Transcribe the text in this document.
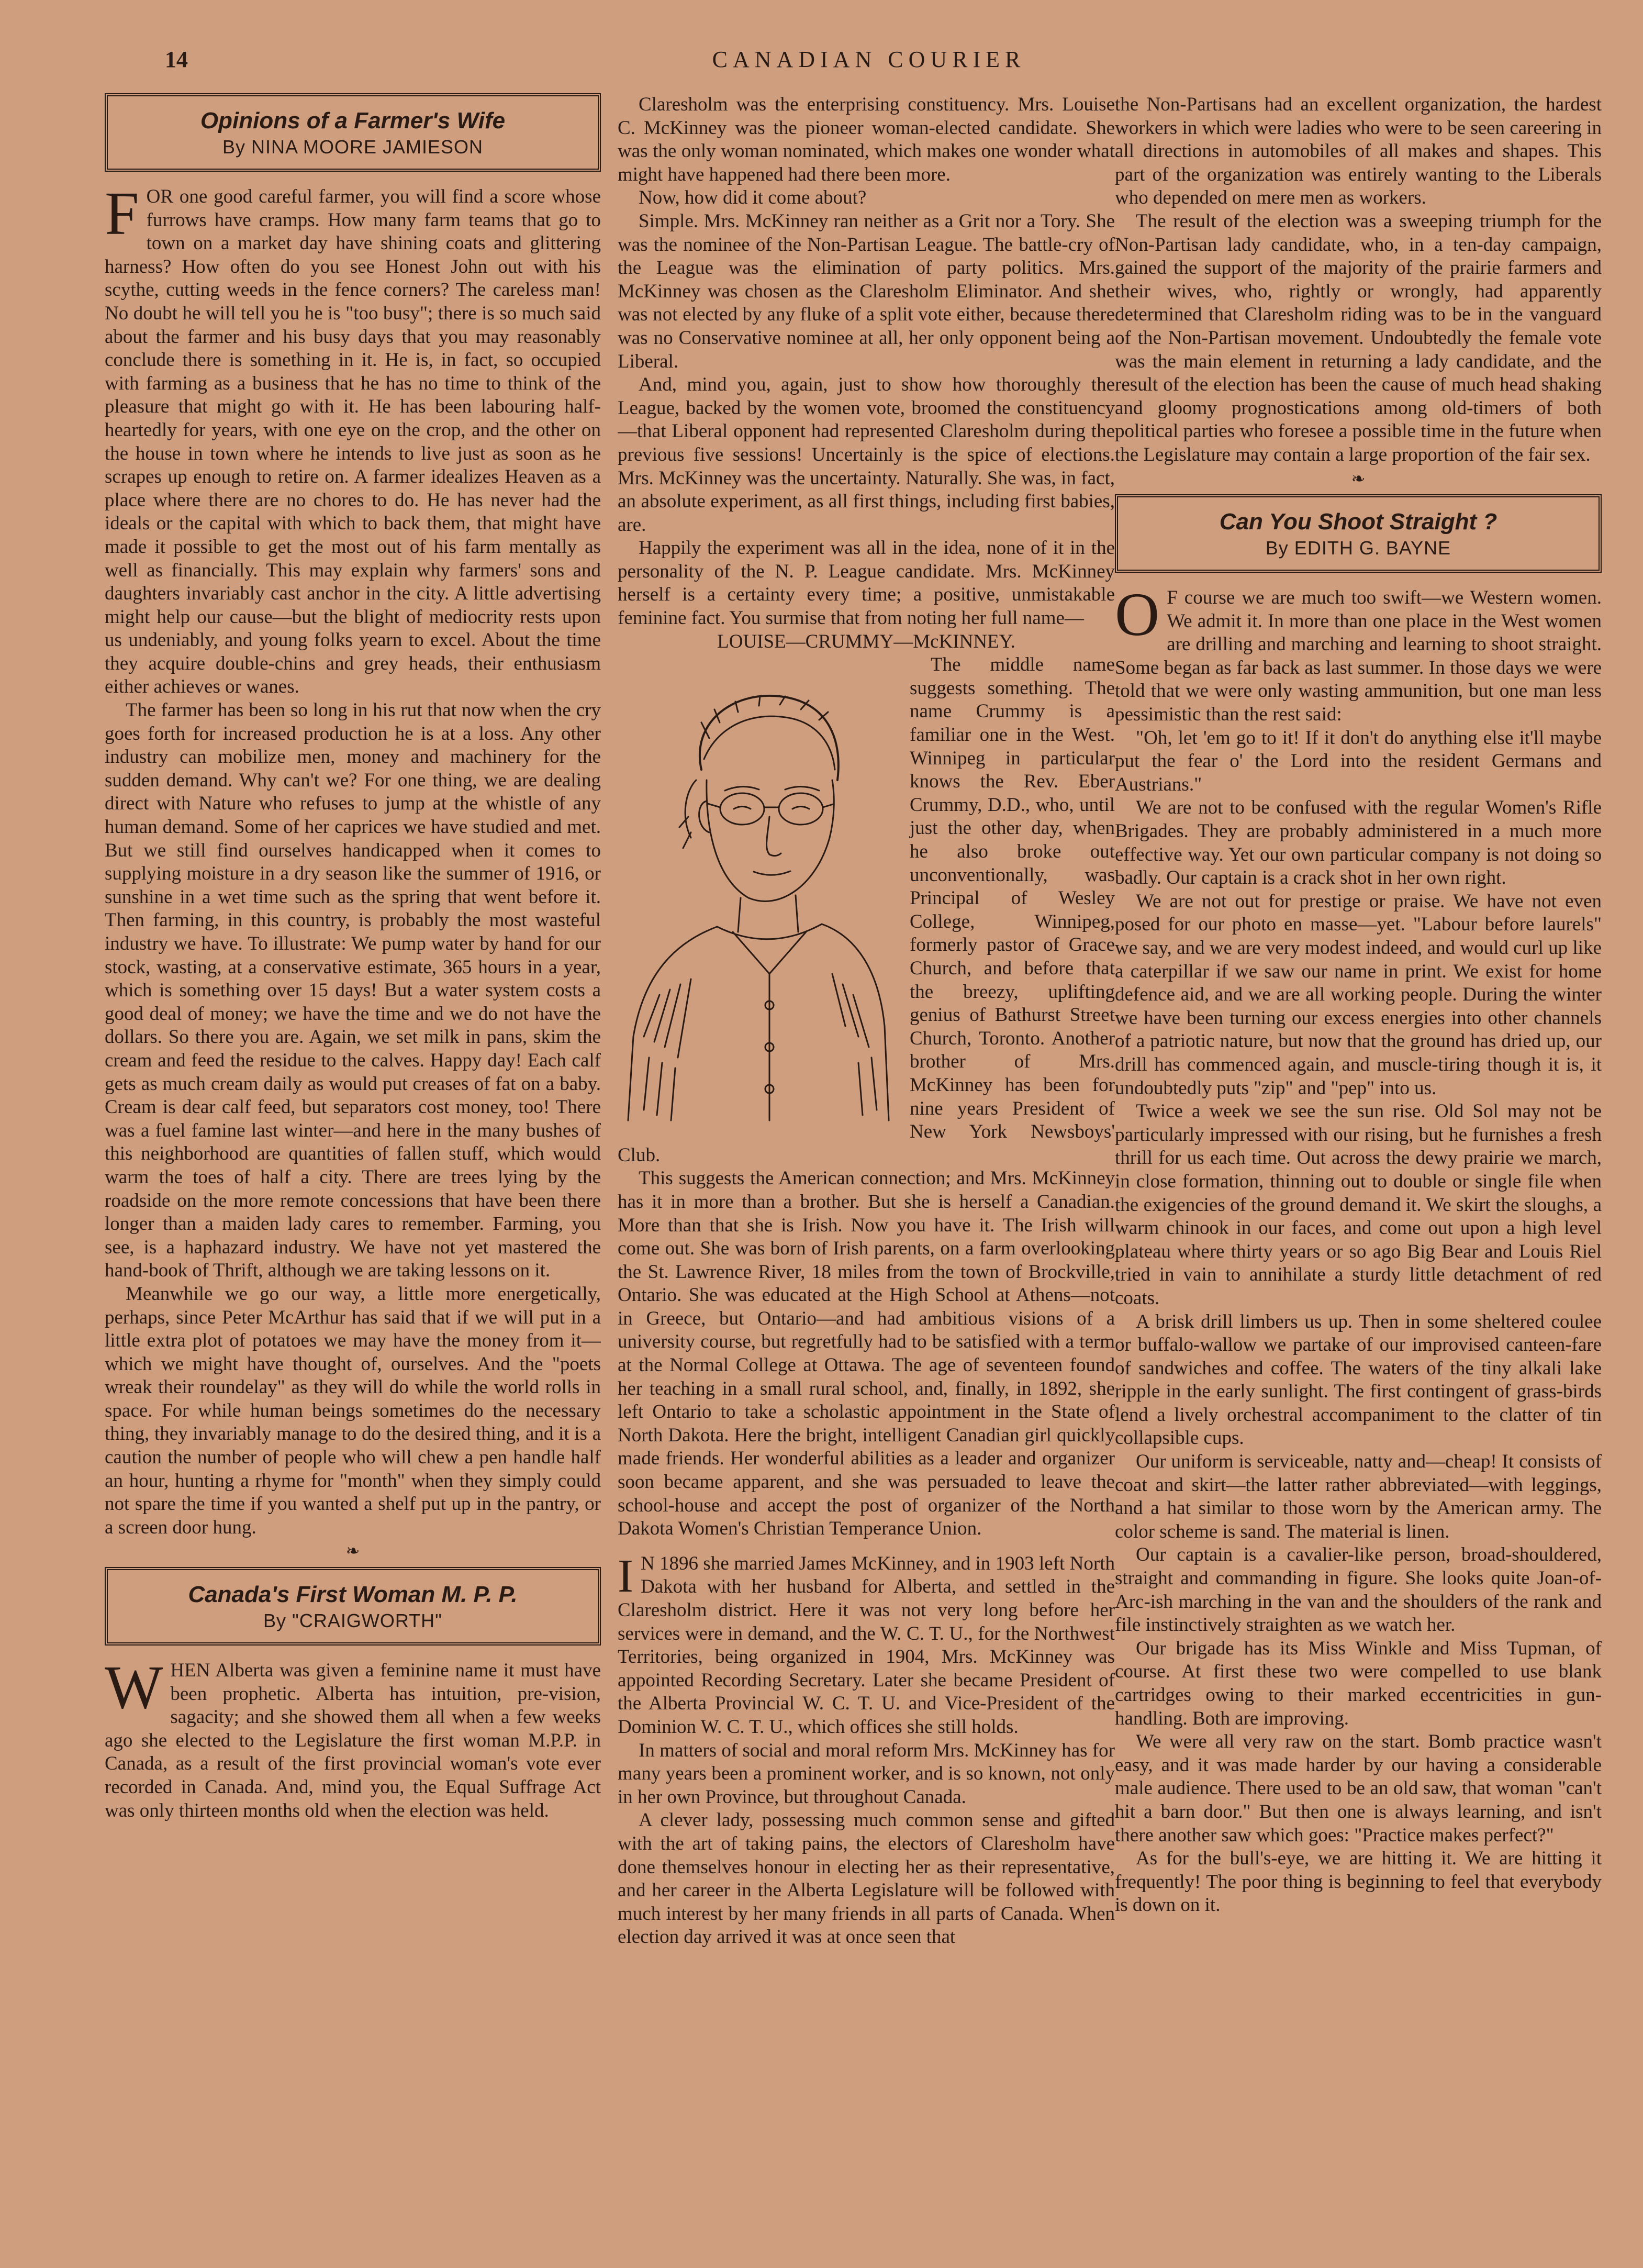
14	CANADIAN COURIER
Opinions of a Farmer's Wife
By NINA MOORE JAMIESON

FOR one good careful farmer, you will find a score whose furrows have cramps. How many farm teams that go to town on a market day have shining coats and glittering harness? How often do you see Honest John out with his scythe, cutting weeds in the fence corners? The careless man! No doubt he will tell you he is "too busy"; there is so much said about the farmer and his busy days that you may reasonably conclude there is something in it. He is, in fact, so occupied with farming as a business that he has no time to think of the pleasure that might go with it. He has been labouring half-heartedly for years, with one eye on the crop, and the other on the house in town where he intends to live just as soon as he scrapes up enough to retire on. A farmer idealizes Heaven as a place where there are no chores to do. He has never had the ideals or the capital with which to back them, that might have made it possible to get the most out of his farm mentally as well as financially. This may explain why farmers' sons and daughters invariably cast anchor in the city. A little advertising might help our cause—but the blight of mediocrity rests upon us undeniably, and young folks yearn to excel. About the time they acquire double-chins and grey heads, their enthusiasm either achieves or wanes.

The farmer has been so long in his rut that now when the cry goes forth for increased production he is at a loss. Any other industry can mobilize men, money and machinery for the sudden demand. Why can't we? For one thing, we are dealing direct with Nature who refuses to jump at the whistle of any human demand. Some of her caprices we have studied and met. But we still find ourselves handicapped when it comes to supplying moisture in a dry season like the summer of 1916, or sunshine in a wet time such as the spring that went before it. Then farming, in this country, is probably the most wasteful industry we have. To illustrate: We pump water by hand for our stock, wasting, at a conservative estimate, 365 hours in a year, which is something over 15 days! But a water system costs a good deal of money; we have the time and we do not have the dollars. So there you are. Again, we set milk in pans, skim the cream and feed the residue to the calves. Happy day! Each calf gets as much cream daily as would put creases of fat on a baby. Cream is dear calf feed, but separators cost money, too! There was a fuel famine last winter—and here in the many bushes of this neighborhood are quantities of fallen stuff, which would warm the toes of half a city. There are trees lying by the roadside on the more remote concessions that have been there longer than a maiden lady cares to remember. Farming, you see, is a haphazard industry. We have not yet mastered the hand-book of Thrift, although we are taking lessons on it.

Meanwhile we go our way, a little more energetically, perhaps, since Peter McArthur has said that if we will put in a little extra plot of potatoes we may have the money from it—which we might have thought of, ourselves. And the "poets wreak their roundelay" as they will do while the world rolls in space. For while human beings sometimes do the necessary thing, they invariably manage to do the desired thing, and it is a caution the number of people who will chew a pen handle half an hour, hunting a rhyme for "month" when they simply could not spare the time if you wanted a shelf put up in the pantry, or a screen door hung.

❧

Canada's First Woman M. P. P.
By "CRAIGWORTH"

WHEN Alberta was given a feminine name it must have been prophetic. Alberta has intuition, pre-vision, sagacity; and she showed them all when a few weeks ago she elected to the Legislature the first woman M.P.P. in Canada, as a result of the first provincial woman's vote ever recorded in Canada. And, mind you, the Equal Suffrage Act was only thirteen months old when the election was held.

Claresholm was the enterprising constituency. Mrs. Louise C. McKinney was the pioneer woman-elected candidate. She was the only woman nominated, which makes one wonder what might have happened had there been more.

Now, how did it come about?

Simple. Mrs. McKinney ran neither as a Grit nor a Tory. She was the nominee of the Non-Partisan League. The battle-cry of the League was the elimination of party politics. Mrs. McKinney was chosen as the Claresholm Eliminator. And she was not elected by any fluke of a split vote either, because there was no Conservative nominee at all, her only opponent being a Liberal.

And, mind you, again, just to show how thoroughly the League, backed by the women vote, broomed the constituency—that Liberal opponent had represented Claresholm during the previous five sessions! Uncertainly is the spice of elections. Mrs. McKinney was the uncertainty. Naturally. She was, in fact, an absolute experiment, as all first things, including first babies, are.

Happily the experiment was all in the idea, none of it in the personality of the N. P. League candidate. Mrs. McKinney herself is a certainty every time; a positive, unmistakable feminine fact. You surmise that from noting her full name—

LOUISE—CRUMMY—McKINNEY.

The middle name suggests something. The name Crummy is a familiar one in the West. Winnipeg in particular knows the Rev. Eber Crummy, D.D., who, until just the other day, when he also broke out unconventionally, was Principal of Wesley College, Winnipeg, formerly pastor of Grace Church, and before that the breezy, uplifting genius of Bathurst Street Church, Toronto. Another brother of Mrs. McKinney has been for nine years President of New York Newsboys' Club.

This suggests the American connection; and Mrs. McKinney has it in more than a brother. But she is herself a Canadian. More than that she is Irish. Now you have it. The Irish will come out. She was born of Irish parents, on a farm overlooking the St. Lawrence River, 18 miles from the town of Brockville, Ontario. She was educated at the High School at Athens—not in Greece, but Ontario—and had ambitious visions of a university course, but regretfully had to be satisfied with a term at the Normal College at Ottawa. The age of seventeen found her teaching in a small rural school, and, finally, in 1892, she left Ontario to take a scholastic appointment in the State of North Dakota. Here the bright, intelligent Canadian girl quickly made friends. Her wonderful abilities as a leader and organizer soon became apparent, and she was persuaded to leave the school-house and accept the post of organizer of the North Dakota Women's Christian Temperance Union.

I N 1896 she married James McKinney, and in 1903 left North Dakota with her husband for Alberta, and settled in the Claresholm district. Here it was not very long before her services were in demand, and the W. C. T. U., for the Northwest Territories, being organized in 1904, Mrs. McKinney was appointed Recording Secretary. Later she became President of the Alberta Provincial W. C. T. U. and Vice-President of the Dominion W. C. T. U., which offices she still holds.

In matters of social and moral reform Mrs. McKinney has for many years been a prominent worker, and is so known, not only in her own Province, but throughout Canada.

A clever lady, possessing much common sense and gifted with the art of taking pains, the electors of Claresholm have done themselves honour in electing her as their representative, and her career in the Alberta Legislature will be followed with much interest by her many friends in all parts of Canada. When election day arrived it was at once seen that

the Non-Partisans had an excellent organization, the hardest workers in which were ladies who were to be seen careering in all directions in automobiles of all makes and shapes. This part of the organization was entirely wanting to the Liberals who depended on mere men as workers.

The result of the election was a sweeping triumph for the Non-Partisan lady candidate, who, in a ten-day campaign, gained the support of the majority of the prairie farmers and their wives, who, rightly or wrongly, had apparently determined that Claresholm riding was to be in the vanguard of the Non-Partisan movement. Undoubtedly the female vote was the main element in returning a lady candidate, and the result of the election has been the cause of much head shaking and gloomy prognostications among old-timers of both political parties who foresee a possible time in the future when the Legislature may contain a large proportion of the fair sex.

❧

Can You Shoot Straight ?
By EDITH G. BAYNE

O F course we are much too swift—we Western women. We admit it. In more than one place in the West women are drilling and marching and learning to shoot straight. Some began as far back as last summer. In those days we were told that we were only wasting ammunition, but one man less pessimistic than the rest said:

"Oh, let 'em go to it! If it don't do anything else it'll maybe put the fear o' the Lord into the resident Germans and Austrians."

We are not to be confused with the regular Women's Rifle Brigades. They are probably administered in a much more effective way. Yet our own particular company is not doing so badly. Our captain is a crack shot in her own right.

We are not out for prestige or praise. We have not even posed for our photo en masse—yet. "Labour before laurels" we say, and we are very modest indeed, and would curl up like a caterpillar if we saw our name in print. We exist for home defence aid, and we are all working people. During the winter we have been turning our excess energies into other channels of a patriotic nature, but now that the ground has dried up, our drill has commenced again, and muscle-tiring though it is, it undoubtedly puts "zip" and "pep" into us.

Twice a week we see the sun rise. Old Sol may not be particularly impressed with our rising, but he furnishes a fresh thrill for us each time. Out across the dewy prairie we march, in close formation, thinning out to double or single file when the exigencies of the ground demand it. We skirt the sloughs, a warm chinook in our faces, and come out upon a high level plateau where thirty years or so ago Big Bear and Louis Riel tried in vain to annihilate a sturdy little detachment of red coats.

A brisk drill limbers us up. Then in some sheltered coulee or buffalo-wallow we partake of our improvised canteen-fare of sandwiches and coffee. The waters of the tiny alkali lake ripple in the early sunlight. The first contingent of grass-birds lend a lively orchestral accompaniment to the clatter of tin collapsible cups.

Our uniform is serviceable, natty and—cheap! It consists of coat and skirt—the latter rather abbreviated—with leggings, and a hat similar to those worn by the American army. The color scheme is sand. The material is linen.

Our captain is a cavalier-like person, broad-shouldered, straight and commanding in figure. She looks quite Joan-of-Arc-ish marching in the van and the shoulders of the rank and file instinctively straighten as we watch her.

Our brigade has its Miss Winkle and Miss Tupman, of course. At first these two were compelled to use blank cartridges owing to their marked eccentricities in gun-handling. Both are improving.

We were all very raw on the start. Bomb practice wasn't easy, and it was made harder by our having a considerable male audience. There used to be an old saw, that woman "can't hit a barn door." But then one is always learning, and isn't there another saw which goes: "Practice makes perfect?"

As for the bull's-eye, we are hitting it. We are hitting it frequently! The poor thing is beginning to feel that everybody is down on it.
